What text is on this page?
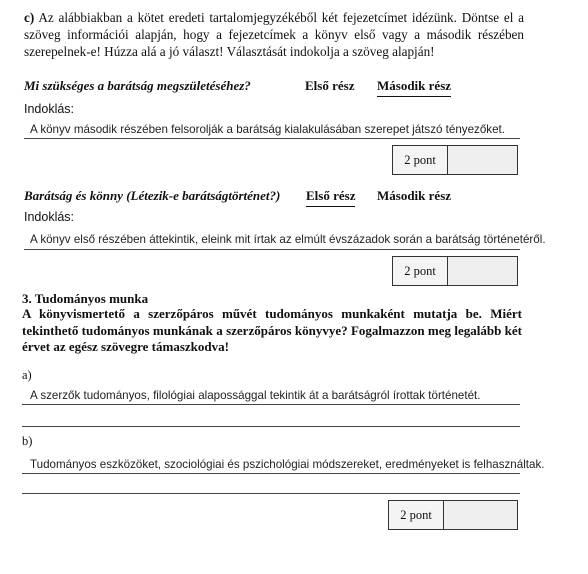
c) Az alábbiakban a kötet eredeti tartalomjegyzékéből két fejezetcímet idézünk. Döntse el a szöveg információi alapján, hogy a fejezetcímek a könyv első vagy a második részében szerepelnek-e! Húzza alá a jó választ! Választását indokolja a szöveg alapján!
Mi szükséges a barátság megszületéséhez?	Első rész Második rész
Indoklás:
A könyv második részében felsorolják a barátság kialakulásában szerepet játszó tényezőket.
2 pont
Barátság és könny (Létezik-e barátságtörténet?) Első rész Második rész
Indoklás:
A könyv első részében áttekintik, eleink mit írtak az elmúlt évszázadok során a barátság történetéről.
2 pont
3. Tudományos munka
A könyvismertető a szerzőpáros művét tudományos munkaként mutatja be. Miért tekinthető tudományos munkának a szerzőpáros könyvye? Fogalmazzon meg legalább két érvet az egész szövegre támaszkodva!
a)
A szerzők tudományos, filológiai alapossággal tekintik át a barátságról írottak történetét.
b)
Tudományos eszközöket, szociológiai és pszichológiai módszereket, eredményeket is felhasználtak.
2 pont
